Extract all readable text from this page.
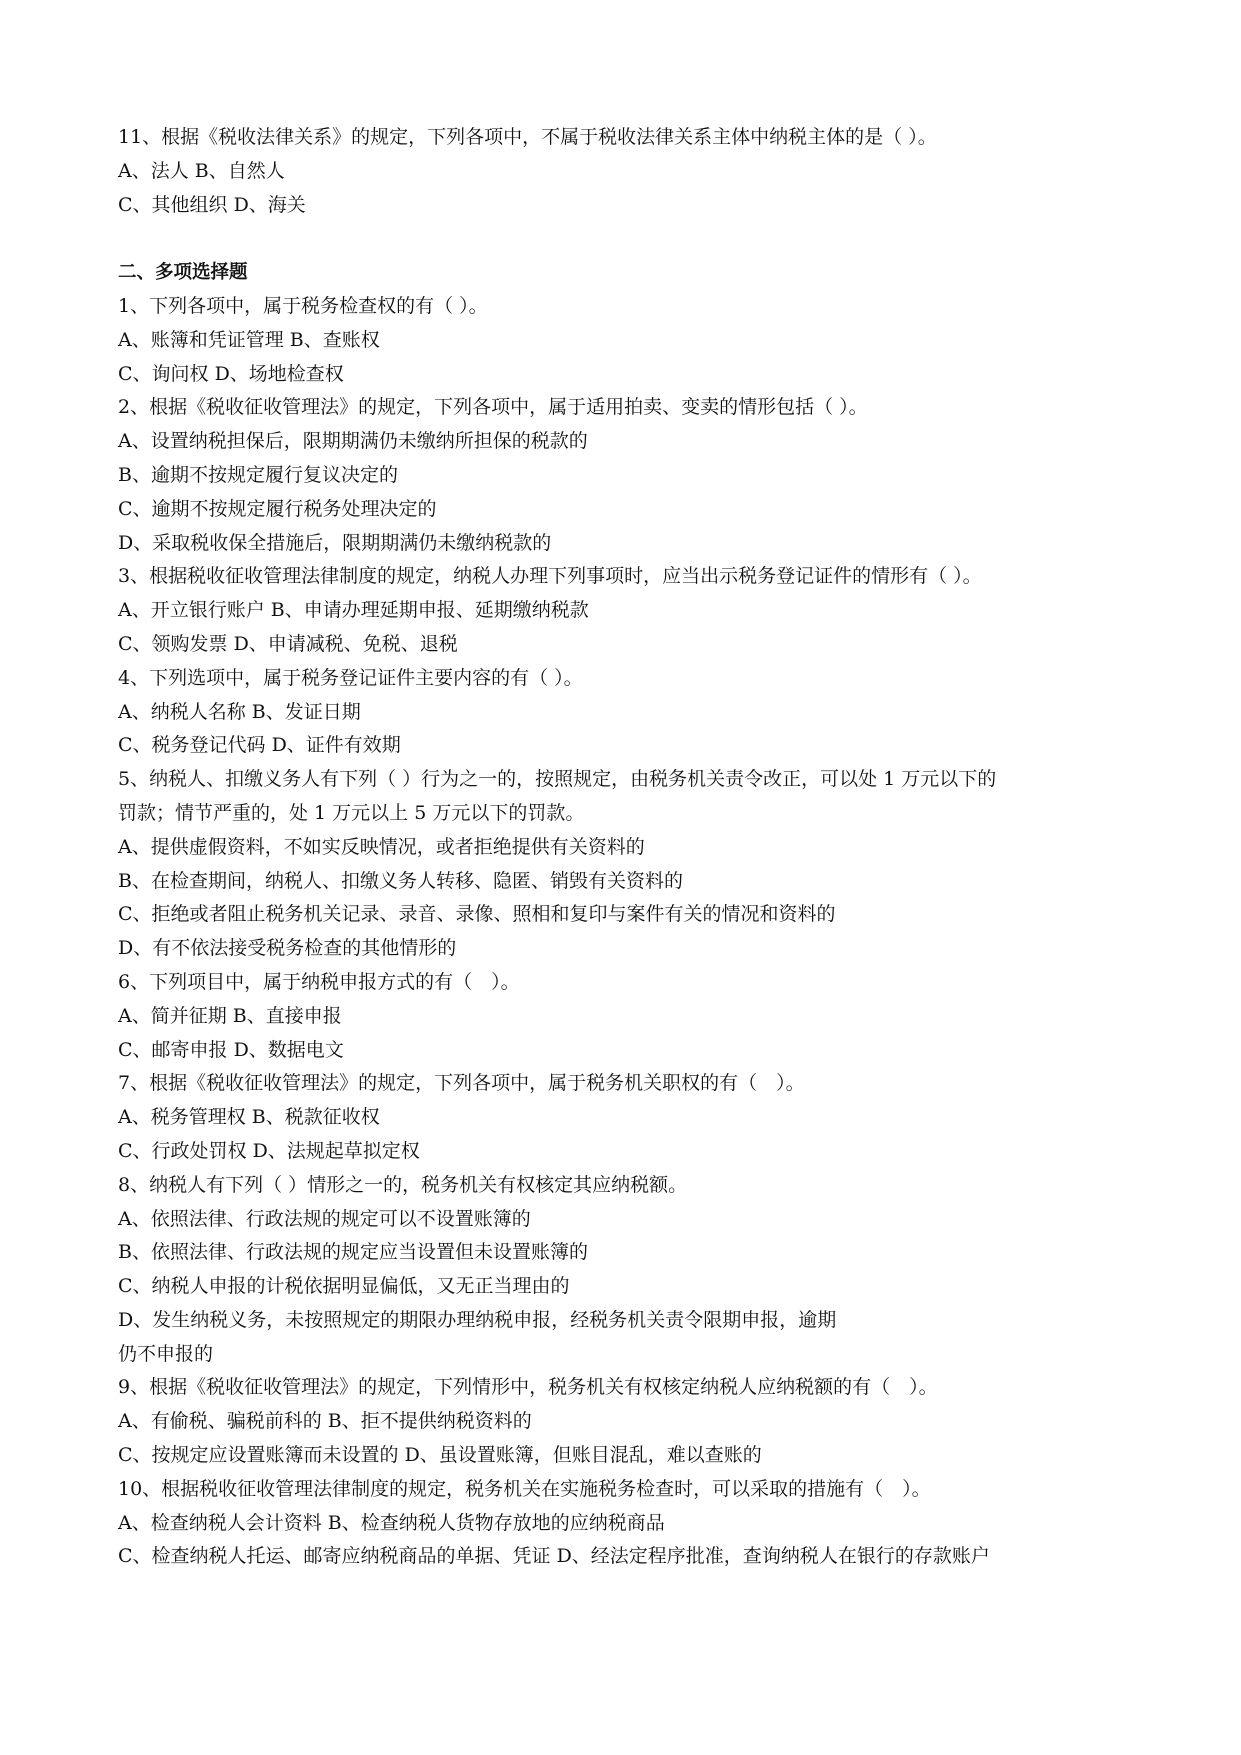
11、根据《税收法律关系》的规定，下列各项中，不属于税收法律关系主体中纳税主体的是（ ）。
A、法人 B、自然人
C、其他组织 D、海关
二、多项选择题
1、下列各项中，属于税务检查权的有（ ）。
A、账簿和凭证管理 B、查账权
C、询问权 D、场地检查权
2、根据《税收征收管理法》的规定，下列各项中，属于适用拍卖、变卖的情形包括（ ）。
A、设置纳税担保后，限期期满仍未缴纳所担保的税款的
B、逾期不按规定履行复议决定的
C、逾期不按规定履行税务处理决定的
D、采取税收保全措施后，限期期满仍未缴纳税款的
3、根据税收征收管理法律制度的规定，纳税人办理下列事项时，应当出示税务登记证件的情形有（ ）。
A、开立银行账户 B、申请办理延期申报、延期缴纳税款
C、领购发票 D、申请减税、免税、退税
4、下列选项中，属于税务登记证件主要内容的有（ ）。
A、纳税人名称 B、发证日期
C、税务登记代码 D、证件有效期
5、纳税人、扣缴义务人有下列（ ）行为之一的，按照规定，由税务机关责令改正，可以处 1 万元以下的
罚款；情节严重的，处 1 万元以上 5 万元以下的罚款。
A、提供虚假资料，不如实反映情况，或者拒绝提供有关资料的
B、在检查期间，纳税人、扣缴义务人转移、隐匿、销毁有关资料的
C、拒绝或者阻止税务机关记录、录音、录像、照相和复印与案件有关的情况和资料的
D、有不依法接受税务检查的其他情形的
6、下列项目中，属于纳税申报方式的有（　）。
A、简并征期 B、直接申报
C、邮寄申报 D、数据电文
7、根据《税收征收管理法》的规定，下列各项中，属于税务机关职权的有（　）。
A、税务管理权 B、税款征收权
C、行政处罚权 D、法规起草拟定权
8、纳税人有下列（ ）情形之一的，税务机关有权核定其应纳税额。
A、依照法律、行政法规的规定可以不设置账簿的
B、依照法律、行政法规的规定应当设置但未设置账簿的
C、纳税人申报的计税依据明显偏低，又无正当理由的
D、发生纳税义务，未按照规定的期限办理纳税申报，经税务机关责令限期申报，逾期
仍不申报的
9、根据《税收征收管理法》的规定，下列情形中，税务机关有权核定纳税人应纳税额的有（　）。
A、有偷税、骗税前科的 B、拒不提供纳税资料的
C、按规定应设置账簿而未设置的 D、虽设置账簿，但账目混乱，难以查账的
10、根据税收征收管理法律制度的规定，税务机关在实施税务检查时，可以采取的措施有（　）。
A、检查纳税人会计资料 B、检查纳税人货物存放地的应纳税商品
C、检查纳税人托运、邮寄应纳税商品的单据、凭证 D、经法定程序批准，查询纳税人在银行的存款账户
